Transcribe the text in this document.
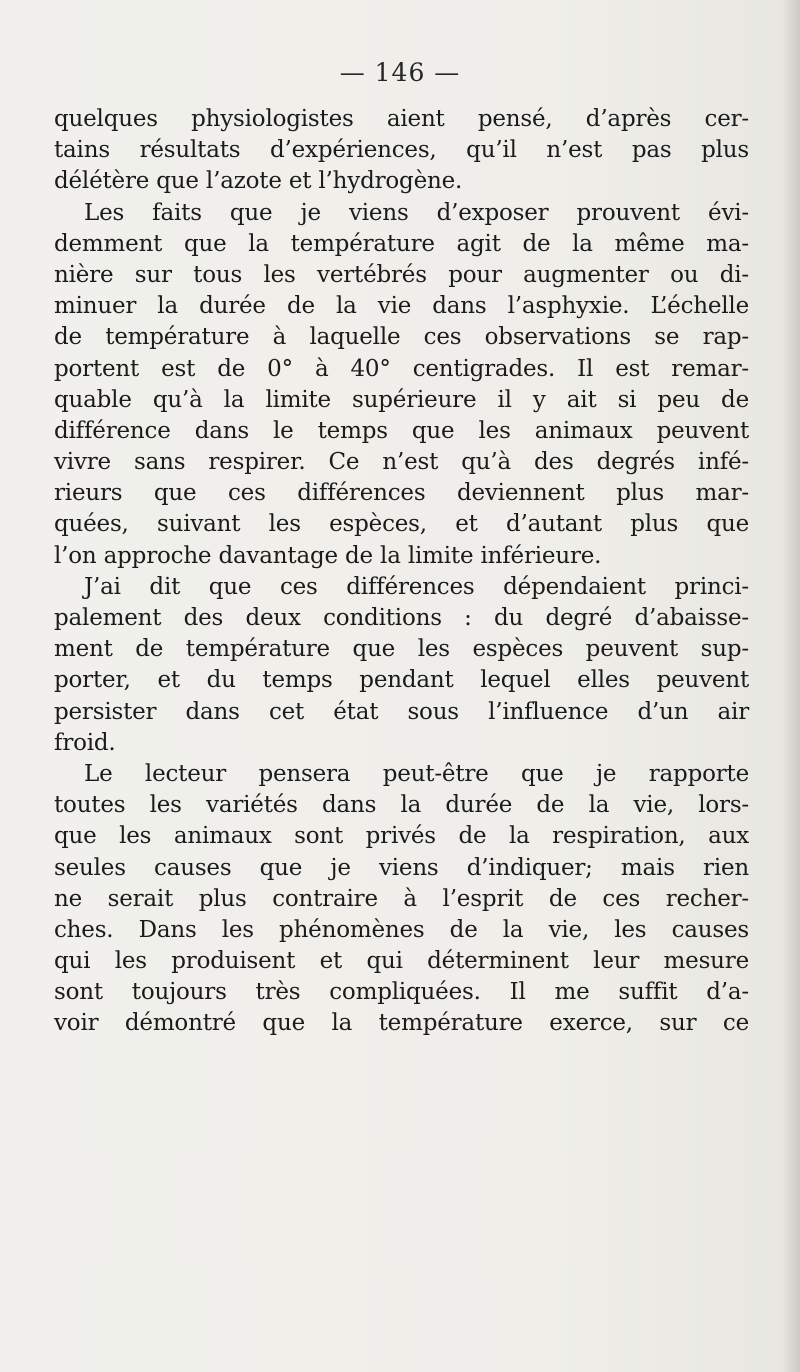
— 146 —
quelques physiologistes aient pensé, d’après cer-
tains résultats d’expériences, qu’il n’est pas plus
délétère que l’azote et l’hydrogène.
Les faits que je viens d’exposer prouvent évi-
demment que la température agit de la même ma-
nière sur tous les vertébrés pour augmenter ou di-
minuer la durée de la vie dans l’asphyxie. L’échelle
de température à laquelle ces observations se rap-
portent est de 0° à 40° centigrades. Il est remar-
quable qu’à la limite supérieure il y ait si peu de
différence dans le temps que les animaux peuvent
vivre sans respirer. Ce n’est qu’à des degrés infé-
rieurs que ces différences deviennent plus mar-
quées, suivant les espèces, et d’autant plus que
l’on approche davantage de la limite inférieure.
J’ai dit que ces différences dépendaient princi-
palement des deux conditions : du degré d’abaisse-
ment de température que les espèces peuvent sup-
porter, et du temps pendant lequel elles peuvent
persister dans cet état sous l’influence d’un air
froid.
Le lecteur pensera peut-être que je rapporte
toutes les variétés dans la durée de la vie, lors-
que les animaux sont privés de la respiration, aux
seules causes que je viens d’indiquer; mais rien
ne serait plus contraire à l’esprit de ces recher-
ches. Dans les phénomènes de la vie, les causes
qui les produisent et qui déterminent leur mesure
sont toujours très compliquées. Il me suffit d’a-
voir démontré que la température exerce, sur ce
